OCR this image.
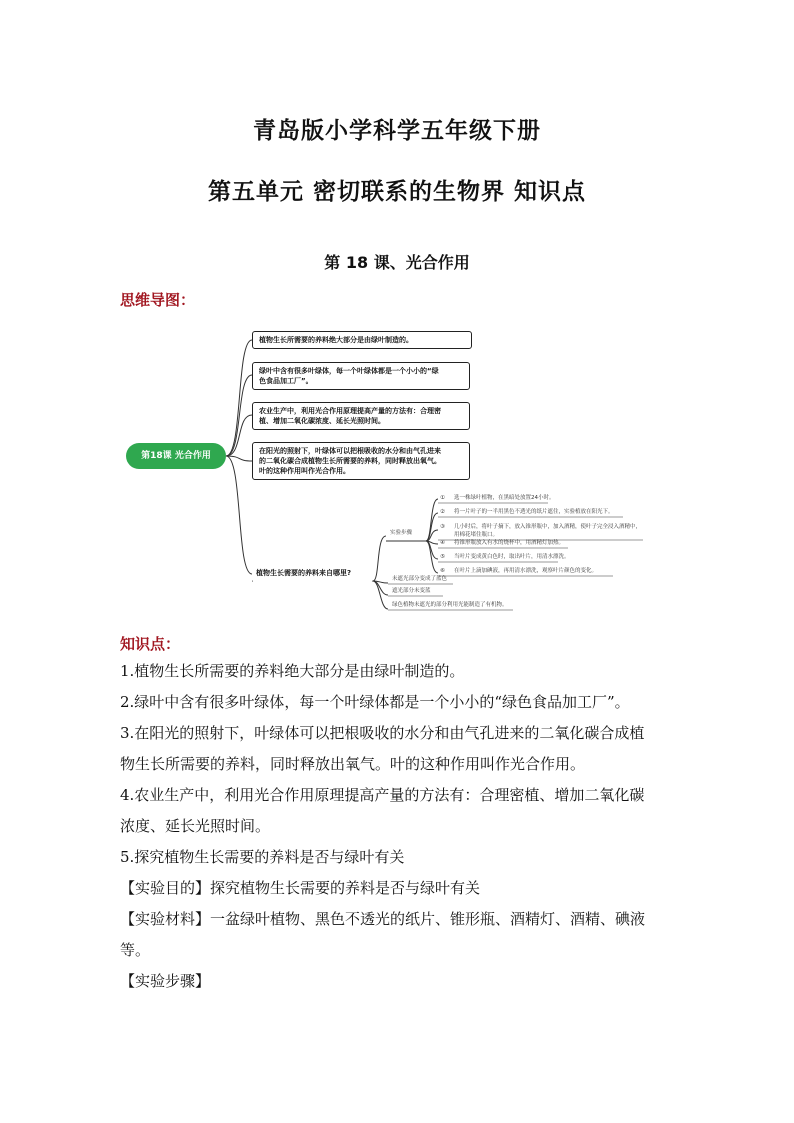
青岛版小学科学五年级下册
第五单元 密切联系的生物界 知识点
第 18 课、光合作用
思维导图：
第18课 光合作用
植物生长所需要的养料绝大部分是由绿叶制造的。
绿叶中含有很多叶绿体，每一个叶绿体都是一个小小的“绿
色食品加工厂”。
农业生产中，利用光合作用原理提高产量的方法有：合理密
植、增加二氧化碳浓度、延长光照时间。
在阳光的照射下，叶绿体可以把根吸收的水分和由气孔进来
的二氧化碳合成植物生长所需要的养料，同时释放出氧气。
叶的这种作用叫作光合作用。
植物生长需要的养料来自哪里?
实验步骤
① 选一株绿叶植物，在黑暗处放置24小时。
② 将一片叶子的一半用黑色不透光的纸片遮住，实验植放在阳光下。
③ 几小时后，将叶子摘下，放入锥形瓶中，加入酒精，使叶子完全浸入酒精中，
用棉花堵住瓶口。
④ 将锥形瓶放入有水的烧杯中，用酒精灯加热。
⑤ 当叶片变成黄白色时，取出叶片，用清水漂洗。
⑥ 在叶片上滴加碘液，再用清水漂洗，观察叶片颜色的变化。
未遮光部分变成了蓝色
遮光部分未变蓝
绿色植物未遮光的部分利用光能制造了有机物。
知识点：
1.植物生长所需要的养料绝大部分是由绿叶制造的。
2.绿叶中含有很多叶绿体，每一个叶绿体都是一个小小的“绿色食品加工厂”。
3.在阳光的照射下，叶绿体可以把根吸收的水分和由气孔进来的二氧化碳合成植
物生长所需要的养料，同时释放出氧气。叶的这种作用叫作光合作用。
4.农业生产中，利用光合作用原理提高产量的方法有：合理密植、增加二氧化碳
浓度、延长光照时间。
5.探究植物生长需要的养料是否与绿叶有关
【实验目的】探究植物生长需要的养料是否与绿叶有关
【实验材料】一盆绿叶植物、黑色不透光的纸片、锥形瓶、酒精灯、酒精、碘液
等。
【实验步骤】
